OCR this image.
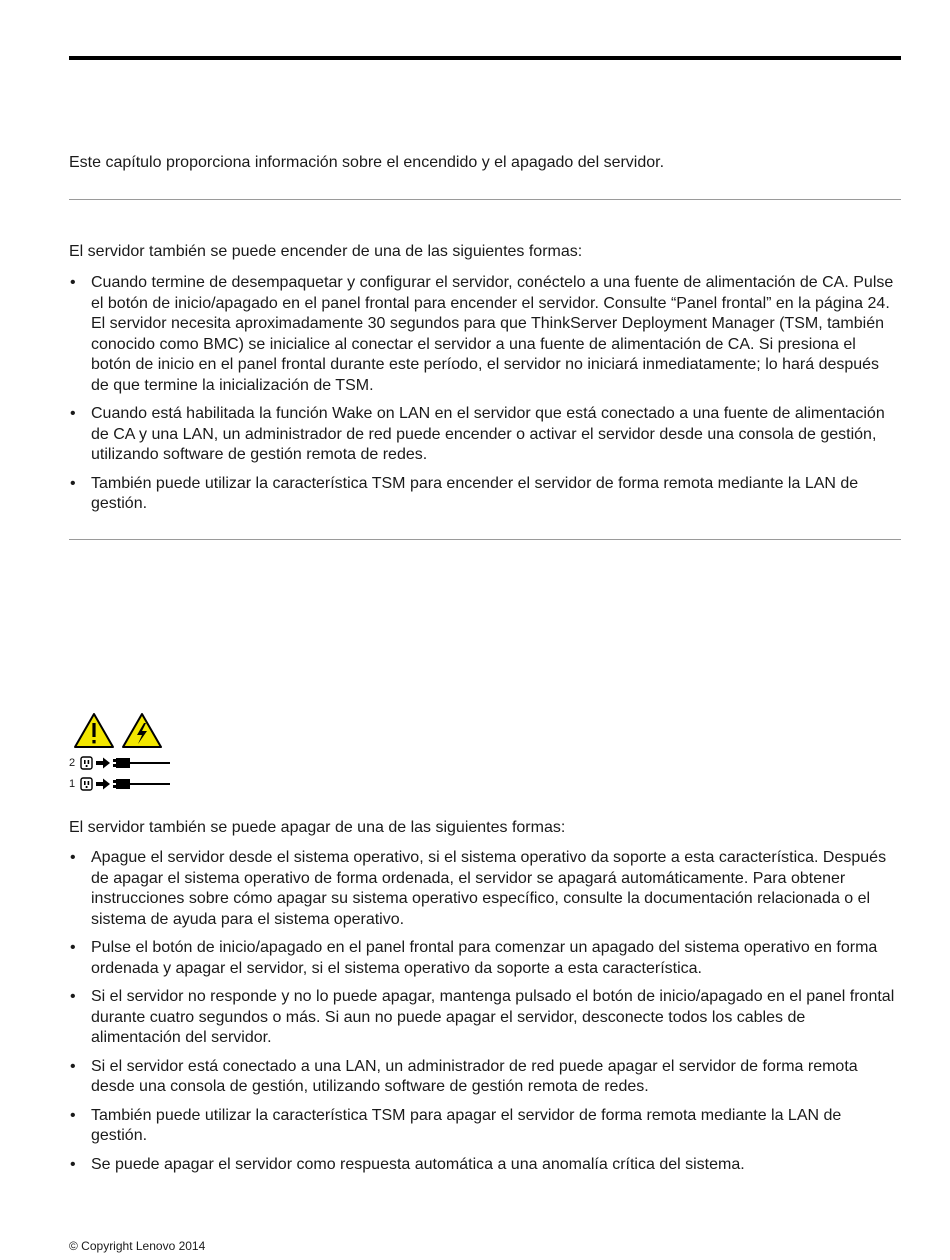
Este capítulo proporciona información sobre el encendido y el apagado del servidor.

El servidor también se puede encender de una de las siguientes formas:

• Cuando termine de desempaquetar y configurar el servidor, conéctelo a una fuente de alimentación de CA. Pulse el botón de inicio/apagado en el panel frontal para encender el servidor. Consulte “Panel frontal” en la página 24. El servidor necesita aproximadamente 30 segundos para que ThinkServer Deployment Manager (TSM, también conocido como BMC) se inicialice al conectar el servidor a una fuente de alimentación de CA. Si presiona el botón de inicio en el panel frontal durante este período, el servidor no iniciará inmediatamente; lo hará después de que termine la inicialización de TSM.
• Cuando está habilitada la función Wake on LAN en el servidor que está conectado a una fuente de alimentación de CA y una LAN, un administrador de red puede encender o activar el servidor desde una consola de gestión, utilizando software de gestión remota de redes.
• También puede utilizar la característica TSM para encender el servidor de forma remota mediante la LAN de gestión.
2
1

El servidor también se puede apagar de una de las siguientes formas:

• Apague el servidor desde el sistema operativo, si el sistema operativo da soporte a esta característica. Después de apagar el sistema operativo de forma ordenada, el servidor se apagará automáticamente. Para obtener instrucciones sobre cómo apagar su sistema operativo específico, consulte la documentación relacionada o el sistema de ayuda para el sistema operativo.
• Pulse el botón de inicio/apagado en el panel frontal para comenzar un apagado del sistema operativo en forma ordenada y apagar el servidor, si el sistema operativo da soporte a esta característica.
• Si el servidor no responde y no lo puede apagar, mantenga pulsado el botón de inicio/apagado en el panel frontal durante cuatro segundos o más. Si aun no puede apagar el servidor, desconecte todos los cables de alimentación del servidor.
• Si el servidor está conectado a una LAN, un administrador de red puede apagar el servidor de forma remota desde una consola de gestión, utilizando software de gestión remota de redes.
• También puede utilizar la característica TSM para apagar el servidor de forma remota mediante la LAN de gestión.
• Se puede apagar el servidor como respuesta automática a una anomalía crítica del sistema.

© Copyright Lenovo 2014
